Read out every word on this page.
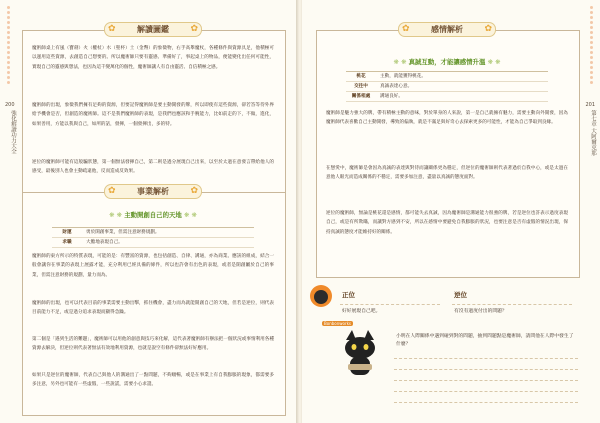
200
強化解讀功力大全
✿	解讀圖鑑 ✿
魔術師桌上有風（寶劍）火（權杖）水（聖杯）土（金幣）的象徵物，右手高舉魔杖，各種條件與資源具足，他積極可以運用這些資源，去創造自己想要的。所以魔術師只要有靈感、準備好了，事起桌上的物品，便能變化出任何可能性，實現自己的靈感與想法，也因為這千變萬化的個性，魔術師讓人有自由靈活、自信積極之感。
魔術師的出現，象徵我們擁有足夠的資源，但要記得魔術師是要主動開發的牌，所以即使有這些資源，卻若答等待外界給予機會是否，但創造的魔術師。這不是我們魔術師的表現，是我們也應該和手腕能力，比如前走的下，不做，進化，如果善用，方能以我與自己，如所的話，發揮，一個發揮出，多的特。
逆位的魔術師可能有這般騙狀態，第一個無法發揮自己，第二則是過分展現自己出來，以至於太過在意發言帶給他人的感受，最後別人也會主動疏遠他，反而造成反效果。
✿	事業解析 ✿
❋ ❋ 主動開創自己的天地 ❋ ❋
財運	勇於開創事業，但需注意財務規劃。
求職	大膽地表現自己。
魔術師的東方所示的特質表現，可能的是：有豐富的資源，也包括創造、自律、溝通，亦為商業、應該的組成，結合一般會讓你在事業的表現上展露才能，充分利用已經具備的條件，所以也許會有出色的表現，或者是開創屬於自己的事業，但需注意財務的規劃，量力而為。
魔術師的出現，也可以代表目前的事業需要主動出擊，抓住機會，盡力而為就能開創自己的天地，但若是逆位，則代表目前能力不足，或是過分追求表現而顯得急躁。
第二個是「遇到生活的難題」，魔術師可以用他的創意與技巧來化解，這代表著魔術師有辦法把一個狀況或事情利用各種資源去解決，但逆位則代表著無法有效地利用資源，也就是說空有條件卻無法好好應用。
如果只是逆位的魔術師，代表自己與他人的溝通出了一點問題，不夠順暢，或是在事業上有自我膨脹的現象，都需要多多注意，另外也可能有一些虛假，一些說謊，需要小心求證。
201
第七章 大阿爾克那
✿	感情解析 ✿
❋ ❋ 真誠互動，才能讓感情升溫 ❋ ❋
桃花	主動，就能獲得桃花。
交往中	真誠表達心意。
關係相處	溝通良好。
魔術師是魅力強大的牌，帶有積極主動的意味，對於單身的人來說，第一是自己就擁有魅力，需要主動向外開發，因為魔術師代表喜歡自己主動開發，導致的偏執，就是不滿足與好奇心去探索更多的可能性，才能為自己爭取到良緣。
在戀愛中，魔術師是會因為真誠的表達與對待而讓關係更為穩定，但逆位的魔術師則代表著過於自我中心，或是太過在意他人眼光而造成關係的不穩定，需要多加注意，盡量以真誠的態度面對。
逆位的魔術師，無論是桃花還是感情，都可能失去真誠，因為魔術師是溝通能力很強的牌，若是逆位也許表示過度表現自己，或是有所欺瞞，而讓對方感到不安，所以在感情中要避免自我膨脹的狀況，也要注意是否有虛假的情況出現，保持真誠的態度才能維持好的關係。
正位
好好展現自己吧。
逆位
有沒有過度付出的問題？
Bonbonworks
小明在人際關係中遇到碰到對的問題，抽到問題點是魔術師，請問他在人際中發生了什麼？
